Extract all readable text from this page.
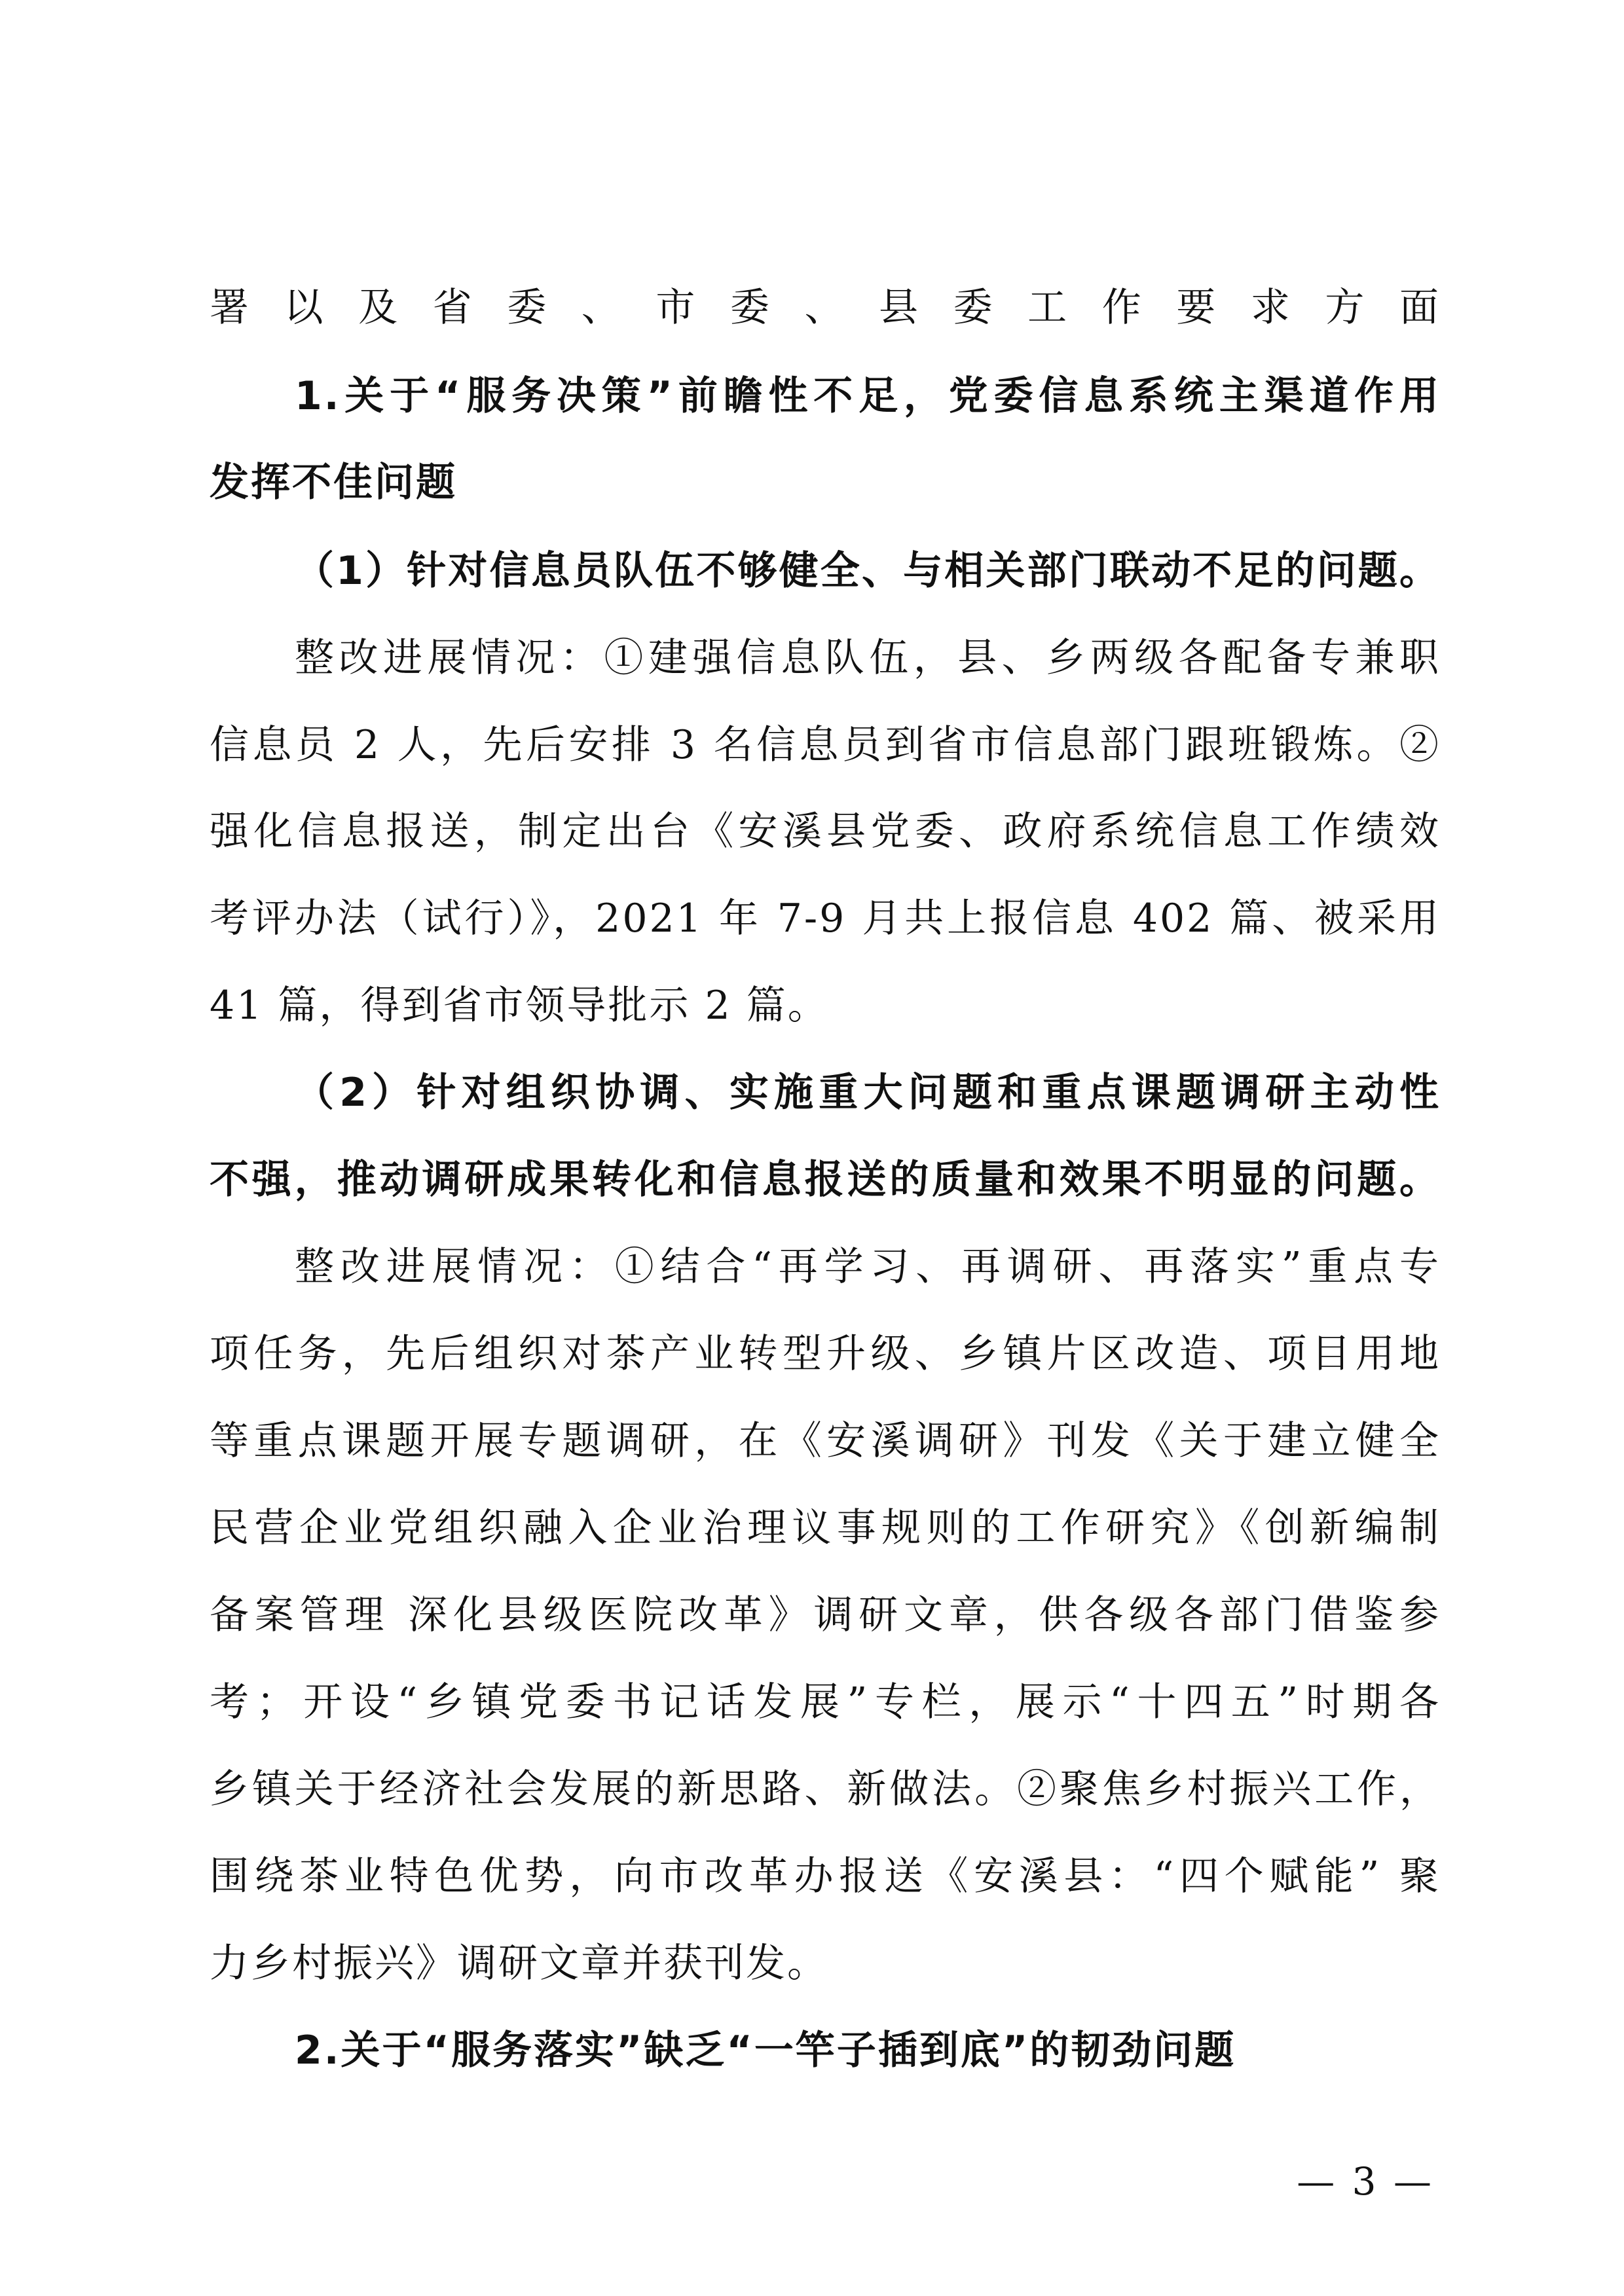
署以及省委、市委、县委工作要求方面
1.关于“服务决策”前瞻性不足，党委信息系统主渠道作用
发挥不佳问题
（1）针对信息员队伍不够健全、与相关部门联动不足的问题。
整改进展情况：①建强信息队伍，县、乡两级各配备专兼职
信息员 2 人，先后安排 3 名信息员到省市信息部门跟班锻炼。②
强化信息报送，制定出台《安溪县党委、政府系统信息工作绩效
考评办法（试行）》，2021 年 7-9 月共上报信息 402 篇、被采用
41 篇，得到省市领导批示 2 篇。
（2）针对组织协调、实施重大问题和重点课题调研主动性
不强，推动调研成果转化和信息报送的质量和效果不明显的问题。
整改进展情况：①结合“再学习、再调研、再落实”重点专
项任务，先后组织对茶产业转型升级、乡镇片区改造、项目用地
等重点课题开展专题调研，在《安溪调研》刊发《关于建立健全
民营企业党组织融入企业治理议事规则的工作研究》《创新编制
备案管理 深化县级医院改革》调研文章，供各级各部门借鉴参
考；开设“乡镇党委书记话发展”专栏，展示“十四五”时期各
乡镇关于经济社会发展的新思路、新做法。②聚焦乡村振兴工作，
围绕茶业特色优势，向市改革办报送《安溪县：“四个赋能” 聚
力乡村振兴》调研文章并获刊发。
2.关于“服务落实”缺乏“一竿子插到底”的韧劲问题
— 3 —
